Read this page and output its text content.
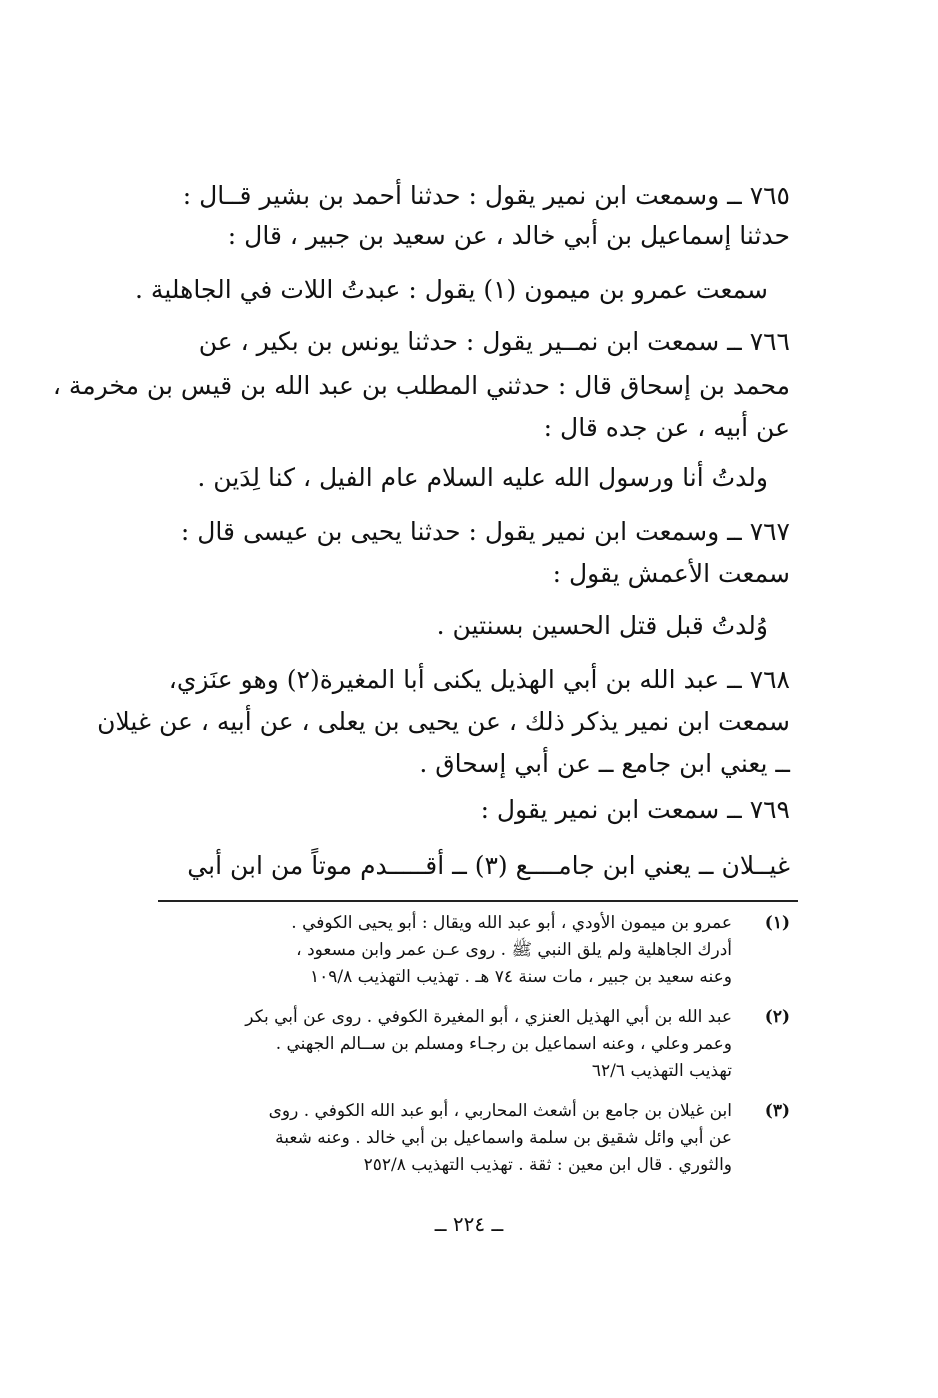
٧٦٥ ــ وسمعت ابن نمير يقول : حدثنا أحمد بن بشير قــال :
حدثنا إسماعيل بن أبي خالد ، عن سعيد بن جبير ، قال :
سمعت عمرو بن ميمون (١) يقول : عبدتُ اللات في الجاهلية .
٧٦٦ ــ سمعت ابن نمــير يقول : حدثنا يونس بن بكير ، عن
محمد بن إسحاق قال : حدثني المطلب بن عبد الله بن قيس بن مخرمة ،
عن أبيه ، عن جده قال :
ولدتُ أنا ورسول الله عليه السلام عام الفيل ، كنا لِدَين .
٧٦٧ ــ وسمعت ابن نمير يقول : حدثنا يحيى بن عيسى قال :
سمعت الأعمش يقول :
وُلدتُ قبل قتل الحسين بسنتين .
٧٦٨ ــ عبد الله بن أبي الهذيل يكنى أبا المغيرة(٢) وهو عنَزي،
سمعت ابن نمير يذكر ذلك ، عن يحيى بن يعلى ، عن أبيه ، عن غيلان
ــ يعني ابن جامع ــ عن أبي إسحاق .
٧٦٩ ــ سمعت ابن نمير يقول :
غيــلان ــ يعني ابن جامــــع (٣) ــ أقـــــدم موتاً من ابن أبي
(١)
عمرو بن ميمون الأودي ، أبو عبد الله ويقال : أبو يحيى الكوفي .
أدرك الجاهلية ولم يلق النبي ﷺ . روى عـن عمر وابن مسعود ،
وعنه سعيد بن جبير ، مات سنة ٧٤ هـ . تهذيب التهذيب ١٠٩/٨
(٢)
عبد الله بن أبي الهذيل العنزي ، أبو المغيرة الكوفي . روى عن أبي بكر
وعمر وعلي ، وعنه اسماعيل بن رجـاء ومسلم بن ســالم الجهني .
تهذيب التهذيب ٦٢/٦
(٣)
ابن غيلان بن جامع بن أشعث المحاربي ، أبو عبد الله الكوفي . روى
عن أبي وائل شقيق بن سلمة واسماعيل بن أبي خالد . وعنه شعبة
والثوري . قال ابن معين : ثقة . تهذيب التهذيب ٢٥٢/٨
ــ ٢٢٤ ــ
